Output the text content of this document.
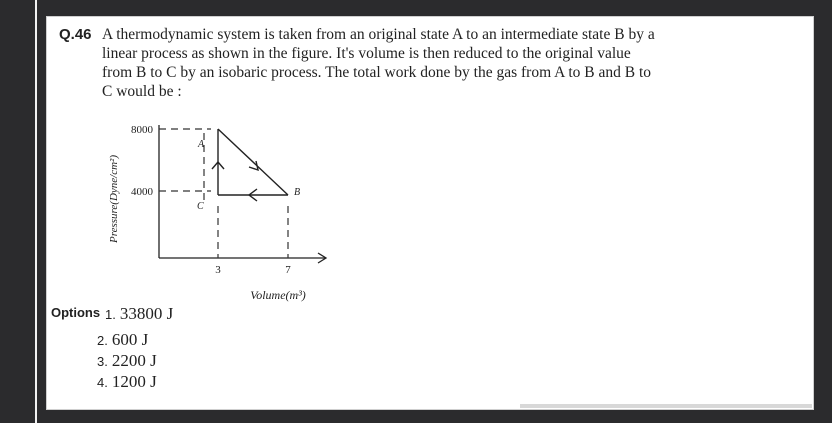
Q.46 A thermodynamic system is taken from an original state A to an intermediate state B by a linear process as shown in the figure. It's volume is then reduced to the original value from B to C by an isobaric process. The total work done by the gas from A to B and B to C would be :
8000
4000
3	7
A
B
C
Volume(m³)
Pressure(Dyne/cm²)
Options 1. 33800 J
2. 600 J
3. 2200 J
4. 1200 J
